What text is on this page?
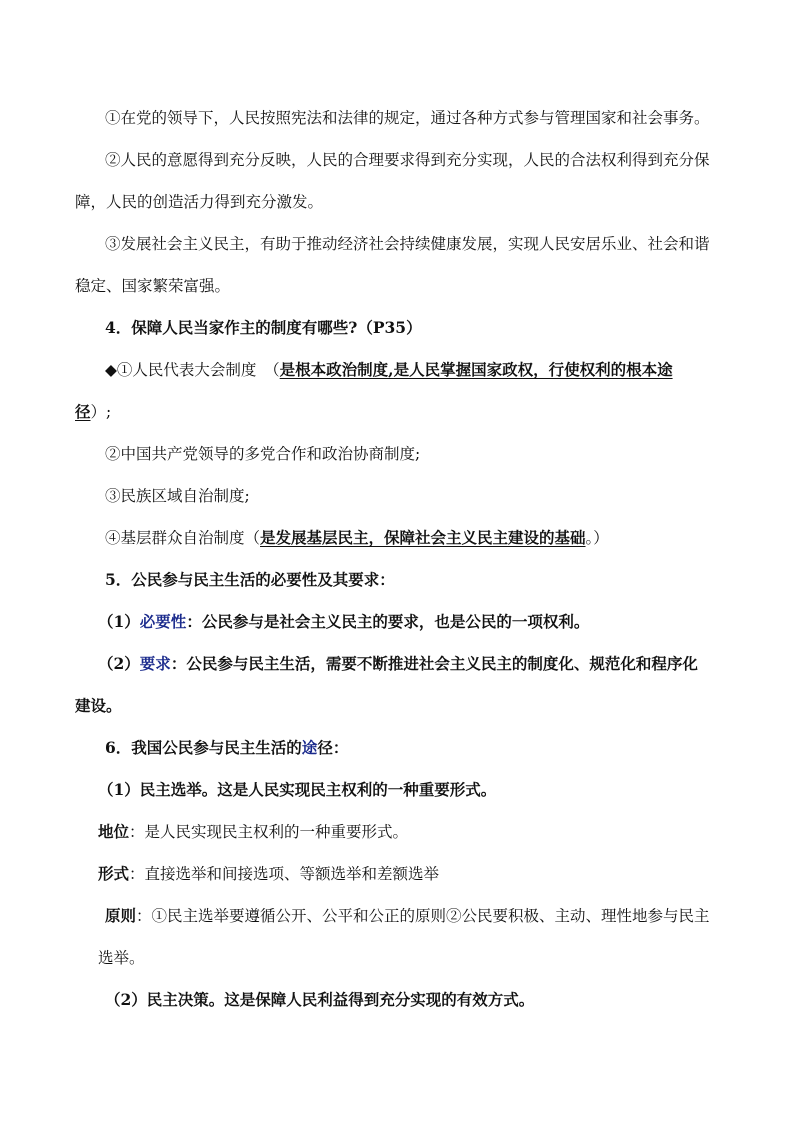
①在党的领导下，人民按照宪法和法律的规定，通过各种方式参与管理国家和社会事务。
②人民的意愿得到充分反映，人民的合理要求得到充分实现，人民的合法权利得到充分保
障，人民的创造活力得到充分激发。
③发展社会主义民主，有助于推动经济社会持续健康发展，实现人民安居乐业、社会和谐
稳定、国家繁荣富强。
4．保障人民当家作主的制度有哪些?（P35）
◆①人民代表大会制度　（是根本政治制度,是人民掌握国家政权，行使权利的根本途
径）;
②中国共产党领导的多党合作和政治协商制度;
③民族区域自治制度;
④基层群众自治制度（是发展基层民主，保障社会主义民主建设的基础。）
5．公民参与民主生活的必要性及其要求：
（1）必要性：公民参与是社会主义民主的要求，也是公民的一项权利。
（2）要求：公民参与民主生活，需要不断推进社会主义民主的制度化、规范化和程序化
建设。
6．我国公民参与民主生活的途径：
（1）民主选举。这是人民实现民主权利的一种重要形式。
地位：是人民实现民主权利的一种重要形式。
形式：直接选举和间接选项、等额选举和差额选举
原则：①民主选举要遵循公开、公平和公正的原则②公民要积极、主动、理性地参与民主
选举。
（2）民主决策。这是保障人民利益得到充分实现的有效方式。
